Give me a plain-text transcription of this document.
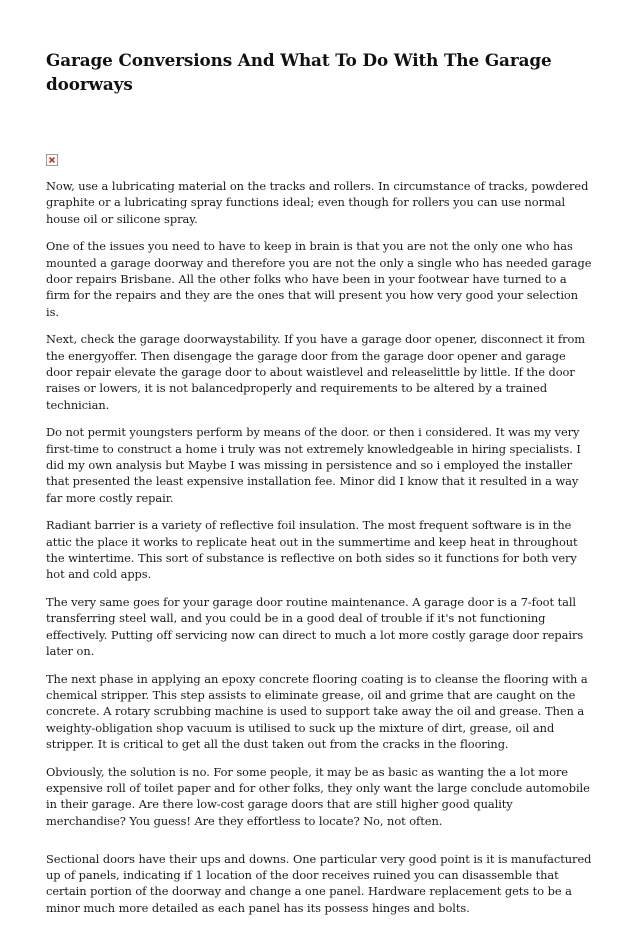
Garage Conversions And What To Do With The Garage doorways

Now, use a lubricating material on the tracks and rollers. In circumstance of tracks, powdered graphite or a lubricating spray functions ideal; even though for rollers you can use normal house oil or silicone spray.

One of the issues you need to have to keep in brain is that you are not the only one who has mounted a garage doorway and therefore you are not the only a single who has needed garage door repairs Brisbane. All the other folks who have been in your footwear have turned to a firm for the repairs and they are the ones that will present you how very good your selection is.

Next, check the garage doorwaystability. If you have a garage door opener, disconnect it from the energyoffer. Then disengage the garage door from the garage door opener and garage door repair elevate the garage door to about waistlevel and releaselittle by little. If the door raises or lowers, it is not balancedproperly and requirements to be altered by a trained technician.

Do not permit youngsters perform by means of the door. or then i considered. It was my very first-time to construct a home i truly was not extremely knowledgeable in hiring specialists. I did my own analysis but Maybe I was missing in persistence and so i employed the installer that presented the least expensive installation fee. Minor did I know that it resulted in a way far more costly repair.

Radiant barrier is a variety of reflective foil insulation. The most frequent software is in the attic the place it works to replicate heat out in the summertime and keep heat in throughout the wintertime. This sort of substance is reflective on both sides so it functions for both very hot and cold apps.

The very same goes for your garage door routine maintenance. A garage door is a 7-foot tall transferring steel wall, and you could be in a good deal of trouble if it's not functioning effectively. Putting off servicing now can direct to much a lot more costly garage door repairs later on.

The next phase in applying an epoxy concrete flooring coating is to cleanse the flooring with a chemical stripper. This step assists to eliminate grease, oil and grime that are caught on the concrete. A rotary scrubbing machine is used to support take away the oil and grease. Then a weighty-obligation shop vacuum is utilised to suck up the mixture of dirt, grease, oil and stripper. It is critical to get all the dust taken out from the cracks in the flooring.

Obviously, the solution is no. For some people, it may be as basic as wanting the a lot more expensive roll of toilet paper and for other folks, they only want the large conclude automobile in their garage. Are there low-cost garage doors that are still higher good quality merchandise? You guess! Are they effortless to locate? No, not often.

Sectional doors have their ups and downs. One particular very good point is it is manufactured up of panels, indicating if 1 location of the door receives ruined you can disassemble that certain portion of the doorway and change a one panel. Hardware replacement gets to be a minor much more detailed as each panel has its possess hinges and bolts.
